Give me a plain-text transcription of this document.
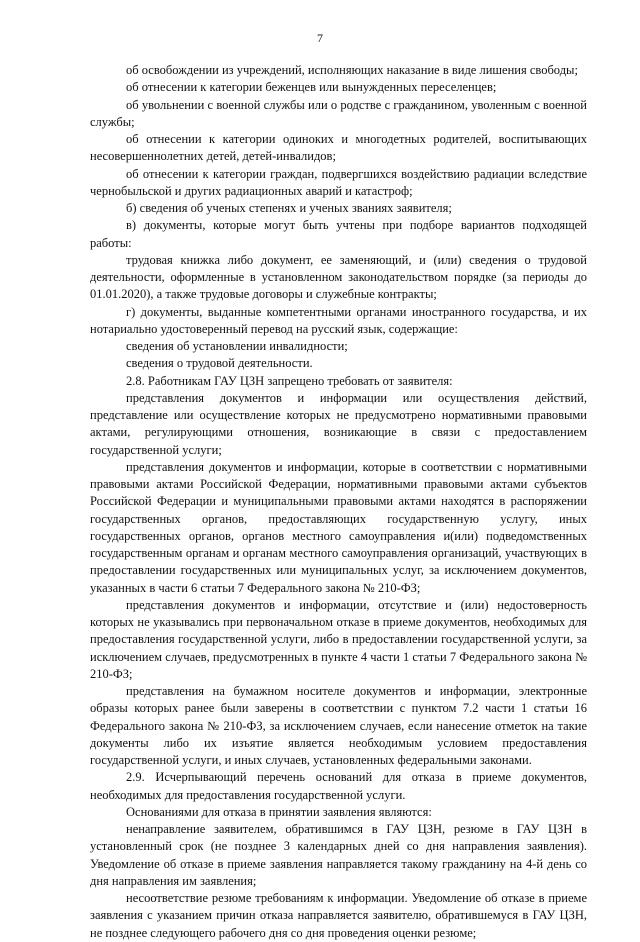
7

об освобождении из учреждений, исполняющих наказание в виде лишения свободы;

об отнесении к категории беженцев или вынужденных переселенцев;

об увольнении с военной службы или о родстве с гражданином, уволенным с военной службы;

об отнесении к категории одиноких и многодетных родителей, воспитывающих несовершеннолетних детей, детей-инвалидов;

об отнесении к категории граждан, подвергшихся воздействию радиации вследствие чернобыльской и других радиационных аварий и катастроф;

б) сведения об ученых степенях и ученых званиях заявителя;

в) документы, которые могут быть учтены при подборе вариантов подходящей работы:

трудовая книжка либо документ, ее заменяющий, и (или) сведения о трудовой деятельности, оформленные в установленном законодательством порядке (за периоды до 01.01.2020), а также трудовые договоры и служебные контракты;

г) документы, выданные компетентными органами иностранного государства, и их нотариально удостоверенный перевод на русский язык, содержащие:

сведения об установлении инвалидности;

сведения о трудовой деятельности.

2.8. Работникам ГАУ ЦЗН запрещено требовать от заявителя:

представления документов и информации или осуществления действий, представление или осуществление которых не предусмотрено нормативными правовыми актами, регулирующими отношения, возникающие в связи с предоставлением государственной услуги;

представления документов и информации, которые в соответствии с нормативными правовыми актами Российской Федерации, нормативными правовыми актами субъектов Российской Федерации и муниципальными правовыми актами находятся в распоряжении государственных органов, предоставляющих государственную услугу, иных государственных органов, органов местного самоуправления и(или) подведомственных государственным органам и органам местного самоуправления организаций, участвующих в предоставлении государственных или муниципальных услуг, за исключением документов, указанных в части 6 статьи 7 Федерального закона № 210-ФЗ;

представления документов и информации, отсутствие и (или) недостоверность которых не указывались при первоначальном отказе в приеме документов, необходимых для предоставления государственной услуги, либо в предоставлении государственной услуги, за исключением случаев, предусмотренных в пункте 4 части 1 статьи 7 Федерального закона № 210-ФЗ;

представления на бумажном носителе документов и информации, электронные образы которых ранее были заверены в соответствии с пунктом 7.2 части 1 статьи 16 Федерального закона № 210-ФЗ, за исключением случаев, если нанесение отметок на такие документы либо их изъятие является необходимым условием предоставления государственной услуги, и иных случаев, установленных федеральными законами.

2.9. Исчерпывающий перечень оснований для отказа в приеме документов, необходимых для предоставления государственной услуги.

Основаниями для отказа в принятии заявления являются:

ненаправление заявителем, обратившимся в ГАУ ЦЗН, резюме в ГАУ ЦЗН в установленный срок (не позднее 3 календарных дней со дня направления заявления). Уведомление об отказе в приеме заявления направляется такому гражданину на 4-й день со дня направления им заявления;

несоответствие резюме требованиям к информации. Уведомление об отказе в приеме заявления с указанием причин отказа направляется заявителю, обратившемуся в ГАУ ЦЗН, не позднее следующего рабочего дня со дня проведения оценки резюме;
